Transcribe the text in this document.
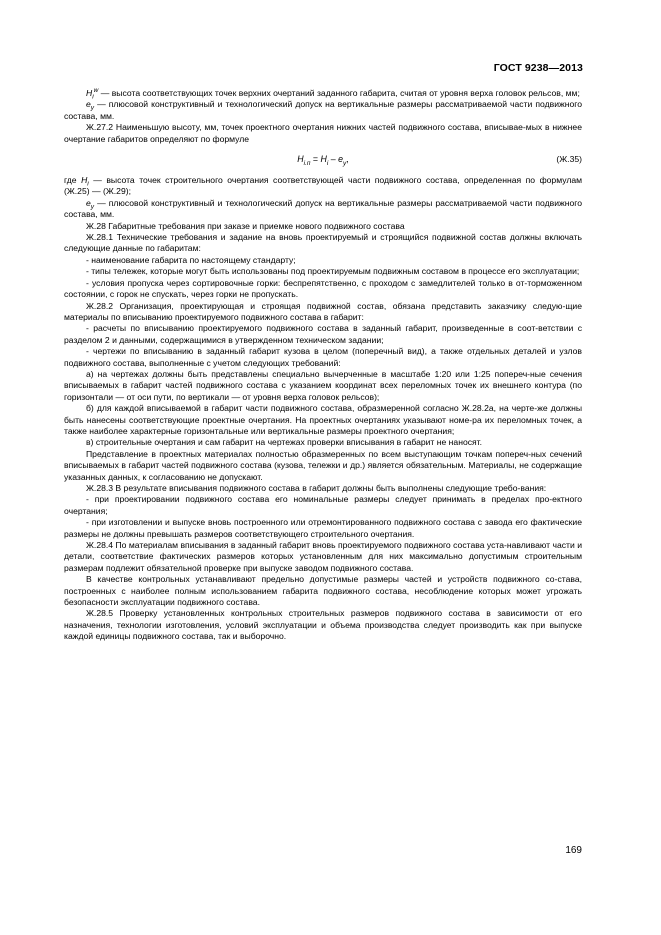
ГОСТ 9238—2013

$H_i^w$ — высота соответствующих точек верхних очертаний заданного габарита, считая от уровня верха головок рельсов, мм;

$e_y$ — плюсовой конструктивный и технологический допуск на вертикальные размеры рассматриваемой части подвижного состава, мм.

Ж.27.2 Наименьшую высоту, мм, точек проектного очертания нижних частей подвижного состава, вписывае-мых в нижнее очертание габаритов определяют по формуле

$H_{i.п} = H_i - e_y$,	(Ж.35)

где $H_i$ — высота точек строительного очертания соответствующей части подвижного состава, определенная по формулам (Ж.25) — (Ж.29);

$e_y$ — плюсовой конструктивный и технологический допуск на вертикальные размеры рассматриваемой части подвижного состава, мм.

Ж.28 Габаритные требования при заказе и приемке нового подвижного состава

Ж.28.1 Технические требования и задание на вновь проектируемый и строящийся подвижной состав должны включать следующие данные по габаритам:

- наименование габарита по настоящему стандарту;

- типы тележек, которые могут быть использованы под проектируемым подвижным составом в процессе его эксплуатации;

- условия пропуска через сортировочные горки: беспрепятственно, с проходом с замедлителей только в от-торможенном состоянии, с горок не спускать, через горки не пропускать.

Ж.28.2 Организация, проектирующая и строящая подвижной состав, обязана представить заказчику следую-щие материалы по вписыванию проектируемого подвижного состава в габарит:

- расчеты по вписыванию проектируемого подвижного состава в заданный габарит, произведенные в соот-ветствии с разделом 2 и данными, содержащимися в утвержденном техническом задании;

- чертежи по вписыванию в заданный габарит кузова в целом (поперечный вид), а также отдельных деталей и узлов подвижного состава, выполненные с учетом следующих требований:

а) на чертежах должны быть представлены специально вычерченные в масштабе 1:20 или 1:25 попереч-ные сечения вписываемых в габарит частей подвижного состава с указанием координат всех переломных точек их внешнего контура (по горизонтали — от оси пути, по вертикали — от уровня верха головок рельсов);

б) для каждой вписываемой в габарит части подвижного состава, образмеренной согласно Ж.28.2а, на черте-же должны быть нанесены соответствующие проектные очертания. На проектных очертаниях указывают номе-ра их переломных точек, а также наиболее характерные горизонтальные или вертикальные размеры проектного очертания;

в) строительные очертания и сам габарит на чертежах проверки вписывания в габарит не наносят.

Представление в проектных материалах полностью образмеренных по всем выступающим точкам попереч-ных сечений вписываемых в габарит частей подвижного состава (кузова, тележки и др.) является обязательным. Материалы, не содержащие указанных данных, к согласованию не допускают.

Ж.28.3 В результате вписывания подвижного состава в габарит должны быть выполнены следующие требо-вания:

- при проектировании подвижного состава его номинальные размеры следует принимать в пределах про-ектного очертания;

- при изготовлении и выпуске вновь построенного или отремонтированного подвижного состава с завода его фактические размеры не должны превышать размеров соответствующего строительного очертания.

Ж.28.4 По материалам вписывания в заданный габарит вновь проектируемого подвижного состава уста-навливают части и детали, соответствие фактических размеров которых установленным для них максимально допустимым строительным размерам подлежит обязательной проверке при выпуске заводом подвижного состава.

В качестве контрольных устанавливают предельно допустимые размеры частей и устройств подвижного со-става, построенных с наиболее полным использованием габарита подвижного состава, несоблюдение которых может угрожать безопасности эксплуатации подвижного состава.

Ж.28.5 Проверку установленных контрольных строительных размеров подвижного состава в зависимости от его назначения, технологии изготовления, условий эксплуатации и объема производства следует производить как при выпуске каждой единицы подвижного состава, так и выборочно.

169
